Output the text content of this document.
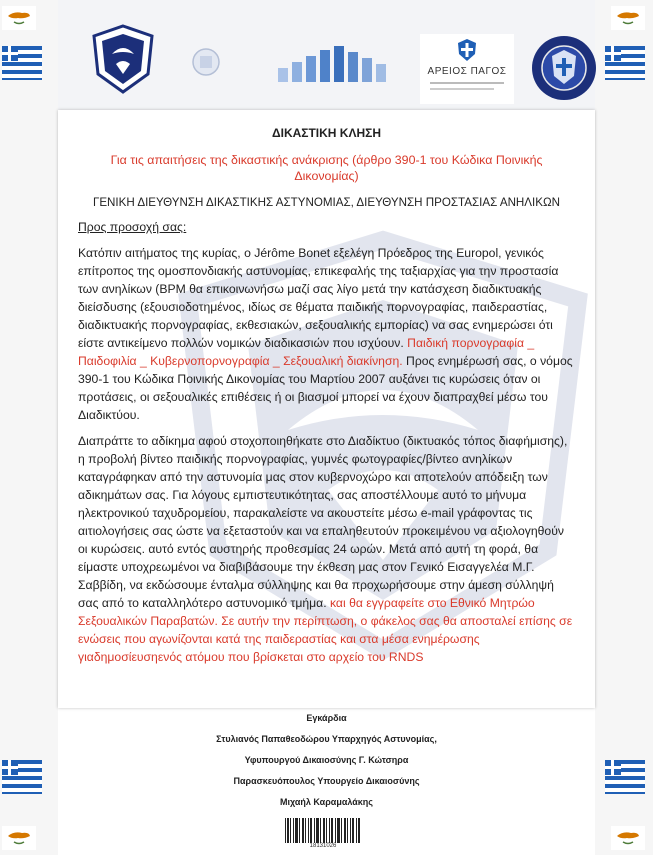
ΑΡΕΙΟΣ ΠΑΓΟΣ
ΔΙΚΑΣΤΙΚΗ ΚΛΗΣΗ
Για τις απαιτήσεις της δικαστικής ανάκρισης (άρθρο 390-1 του Κώδικα Ποινικής Δικονομίας)
ΓΕΝΙΚΗ ΔΙΕΥΘΥΝΣΗ ΔΙΚΑΣΤΙΚΗΣ ΑΣΤΥΝΟΜΙΑΣ, ΔΙΕΥΘΥΝΣΗ ΠΡΟΣΤΑΣΙΑΣ ΑΝΗΛΙΚΩΝ
Προς προσοχή σας:

Κατόπιν αιτήματος της κυρίας, ο Jérôme Bonet εξελέγη Πρόεδρος της Europol, γενικός επίτροπος της ομοσπονδιακής αστυνομίας, επικεφαλής της ταξιαρχίας για την προστασία των ανηλίκων (BPM θα επικοινωνήσω μαζί σας λίγο μετά την κατάσχεση διαδικτυακής διείσδυσης (εξουσιοδοτημένος, ιδίως σε θέματα παιδικής πορνογραφίας, παιδεραστίας, διαδικτυακής πορνογραφίας, εκθεσιακών, σεξουαλικής εμπορίας) να σας ενημερώσει ότι είστε αντικείμενο πολλών νομικών διαδικασιών που ισχύουν. Παιδική πορνογραφία _ Παιδοφιλία _ Κυβερνοπορνογραφία _ Σεξουαλική διακίνηση. Προς ενημέρωσή σας, ο νόμος 390-1 του Κώδικα Ποινικής Δικονομίας του Μαρτίου 2007 αυξάνει τις κυρώσεις όταν οι προτάσεις, οι σεξουαλικές επιθέσεις ή οι βιασμοί μπορεί να έχουν διαπραχθεί μέσω του Διαδικτύου.

Διαπράττε το αδίκημα αφού στοχοποιηθήκατε στο Διαδίκτυο (δικτυακός τόπος διαφήμισης), η προβολή βίντεο παιδικής πορνογραφίας, γυμνές φωτογραφίες/βίντεο ανηλίκων καταγράφηκαν από την αστυνομία μας στον κυβερνοχώρο και αποτελούν απόδειξη των αδικημάτων σας. Για λόγους εμπιστευτικότητας, σας αποστέλλουμε αυτό το μήνυμα ηλεκτρονικού ταχυδρομείου, παρακαλείστε να ακουστείτε μέσω e-mail γράφοντας τις αιτιολογήσεις σας ώστε να εξεταστούν και να επαληθευτούν προκειμένου να αξιολογηθούν οι κυρώσεις. αυτό εντός αυστηρής προθεσμίας 24 ωρών. Μετά από αυτή τη φορά, θα είμαστε υποχρεωμένοι να διαβιβάσουμε την έκθεση μας στον Γενικό Εισαγγελέα Μ.Γ. Σαββίδη, να εκδώσουμε ένταλμα σύλληψης και θα προχωρήσουμε στην άμεση σύλληψή σας από το καταλληλότερο αστυνομικό τμήμα. και θα εγγραφείτε στο Εθνικό Μητρώο Σεξουαλικών Παραβατών. Σε αυτήν την περίπτωση, ο φάκελος σας θα αποσταλεί επίσης σε ενώσεις που αγωνίζονται κατά της παιδεραστίας και στα μέσα ενημέρωσης γιαδημοσίευσηενός ατόμου που βρίσκεται στο αρχείο του RNDS

Εγκάρδια
Στυλιανός Παπαθεοδώρου Υπαρχηγός Αστυνομίας,
Υφυπουργού Δικαιοσύνης Γ. Κώτσηρα
Παρασκευόπουλος Υπουργείο Δικαιοσύνης
Μιχαήλ Καραμαλάκης
18131026
